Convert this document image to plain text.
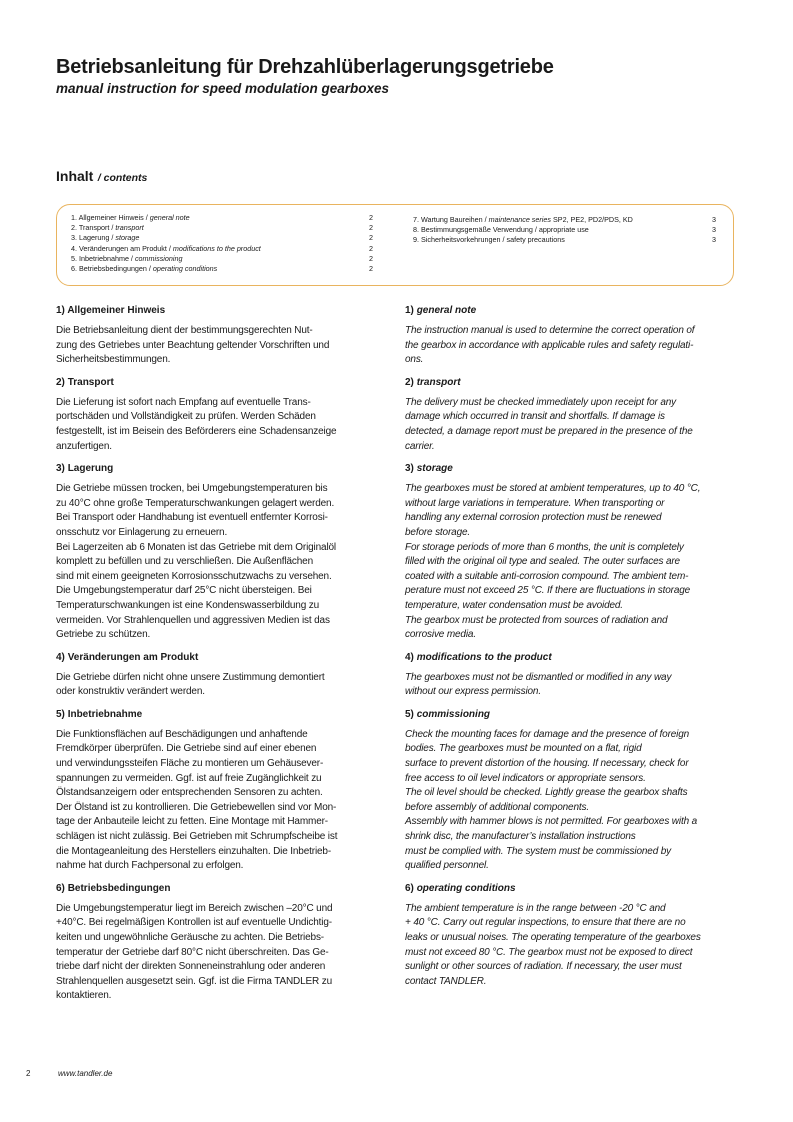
Betriebsanleitung für Drehzahlüberlagerungsgetriebe
manual instruction for speed modulation gearboxes
Inhalt / contents
1. Allgemeiner Hinweis / general note	2
2. Transport / transport	2
3. Lagerung / storage	2
4. Veränderungen am Produkt / modifications to the product	2
5. Inbetriebnahme / commissioning	2
6. Betriebsbedingungen / operating conditions	2
7. Wartung Baureihen / maintenance series SP2, PE2, PD2/PDS, KD	3
8. Bestimmungsgemäße Verwendung / appropriate use	3
9. Sicherheitsvorkehrungen / safety precautions	3
1) Allgemeiner Hinweis

Die Betriebsanleitung dient der bestimmungsgerechten Nut-

zung des Getriebes unter Beachtung geltender Vorschriften und

Sicherheitsbestimmungen.

2) Transport

Die Lieferung ist sofort nach Empfang auf eventuelle Trans-

portschäden und Vollständigkeit zu prüfen. Werden Schäden

festgestellt, ist im Beisein des Beförderers eine Schadensanzeige

anzufertigen.

3) Lagerung

Die Getriebe müssen trocken, bei Umgebungstemperaturen bis

zu 40°C ohne große Temperaturschwankungen gelagert werden.

Bei Transport oder Handhabung ist eventuell entfernter Korrosi-

onsschutz vor Einlagerung zu erneuern.

Bei Lagerzeiten ab 6 Monaten ist das Getriebe mit dem Originalöl

komplett zu befüllen und zu verschließen. Die Außenflächen

sind mit einem geeigneten Korrosionsschutzwachs zu versehen.

Die Umgebungstemperatur darf 25°C nicht übersteigen. Bei

Temperaturschwankungen ist eine Kondenswasserbildung zu

vermeiden. Vor Strahlenquellen und aggressiven Medien ist das

Getriebe zu schützen.

4) Veränderungen am Produkt

Die Getriebe dürfen nicht ohne unsere Zustimmung demontiert

oder konstruktiv verändert werden.

5) Inbetriebnahme

Die Funktionsflächen auf Beschädigungen und anhaftende

Fremdkörper überprüfen. Die Getriebe sind auf einer ebenen

und verwindungssteifen Fläche zu montieren um Gehäusever-

spannungen zu vermeiden. Ggf. ist auf freie Zugänglichkeit zu

Ölstandsanzeigern oder entsprechenden Sensoren zu achten.

Der Ölstand ist zu kontrollieren. Die Getriebewellen sind vor Mon-

tage der Anbauteile leicht zu fetten. Eine Montage mit Hammer-

schlägen ist nicht zulässig. Bei Getrieben mit Schrumpfscheibe ist

die Montageanleitung des Herstellers einzuhalten. Die Inbetrieb-

nahme hat durch Fachpersonal zu erfolgen.

6) Betriebsbedingungen

Die Umgebungstemperatur liegt im Bereich zwischen –20°C und

+40°C. Bei regelmäßigen Kontrollen ist auf eventuelle Undichtig-

keiten und ungewöhnliche Geräusche zu achten. Die Betriebs-

temperatur der Getriebe darf 80°C nicht überschreiten. Das Ge-

triebe darf nicht der direkten Sonneneinstrahlung oder anderen

Strahlenquellen ausgesetzt sein. Ggf. ist die Firma TANDLER zu

kontaktieren.

1) general note

The instruction manual is used to determine the correct operation of

the gearbox in accordance with applicable rules and safety regulati-

ons.

2) transport

The delivery must be checked immediately upon receipt for any

damage which occurred in transit and shortfalls. If damage is

detected, a damage report must be prepared in the presence of the

carrier.

3) storage

The gearboxes must be stored at ambient temperatures, up to 40 °C,

without large variations in temperature. When transporting or

handling any external corrosion protection must be renewed

before storage.

For storage periods of more than 6 months, the unit is completely

filled with the original oil type and sealed. The outer surfaces are

coated with a suitable anti-corrosion compound. The ambient tem-

perature must not exceed 25 °C. If there are fluctuations in storage

temperature, water condensation must be avoided.

The gearbox must be protected from sources of radiation and

corrosive media.

4) modifications to the product

The gearboxes must not be dismantled or modified in any way

without our express permission.

5) commissioning

Check the mounting faces for damage and the presence of foreign

bodies. The gearboxes must be mounted on a flat, rigid

surface to prevent distortion of the housing. If necessary, check for

free access to oil level indicators or appropriate sensors.

The oil level should be checked. Lightly grease the gearbox shafts

before assembly of additional components.

Assembly with hammer blows is not permitted. For gearboxes with a

shrink disc, the manufacturer’s installation instructions

must be complied with. The system must be commissioned by

qualified personnel.

6) operating conditions

The ambient temperature is in the range between -20 °C and

+ 40 °C. Carry out regular inspections, to ensure that there are no

leaks or unusual noises. The operating temperature of the gearboxes

must not exceed 80 °C. The gearbox must not be exposed to direct

sunlight or other sources of radiation. If necessary, the user must

contact TANDLER.

2	www.tandler.de
